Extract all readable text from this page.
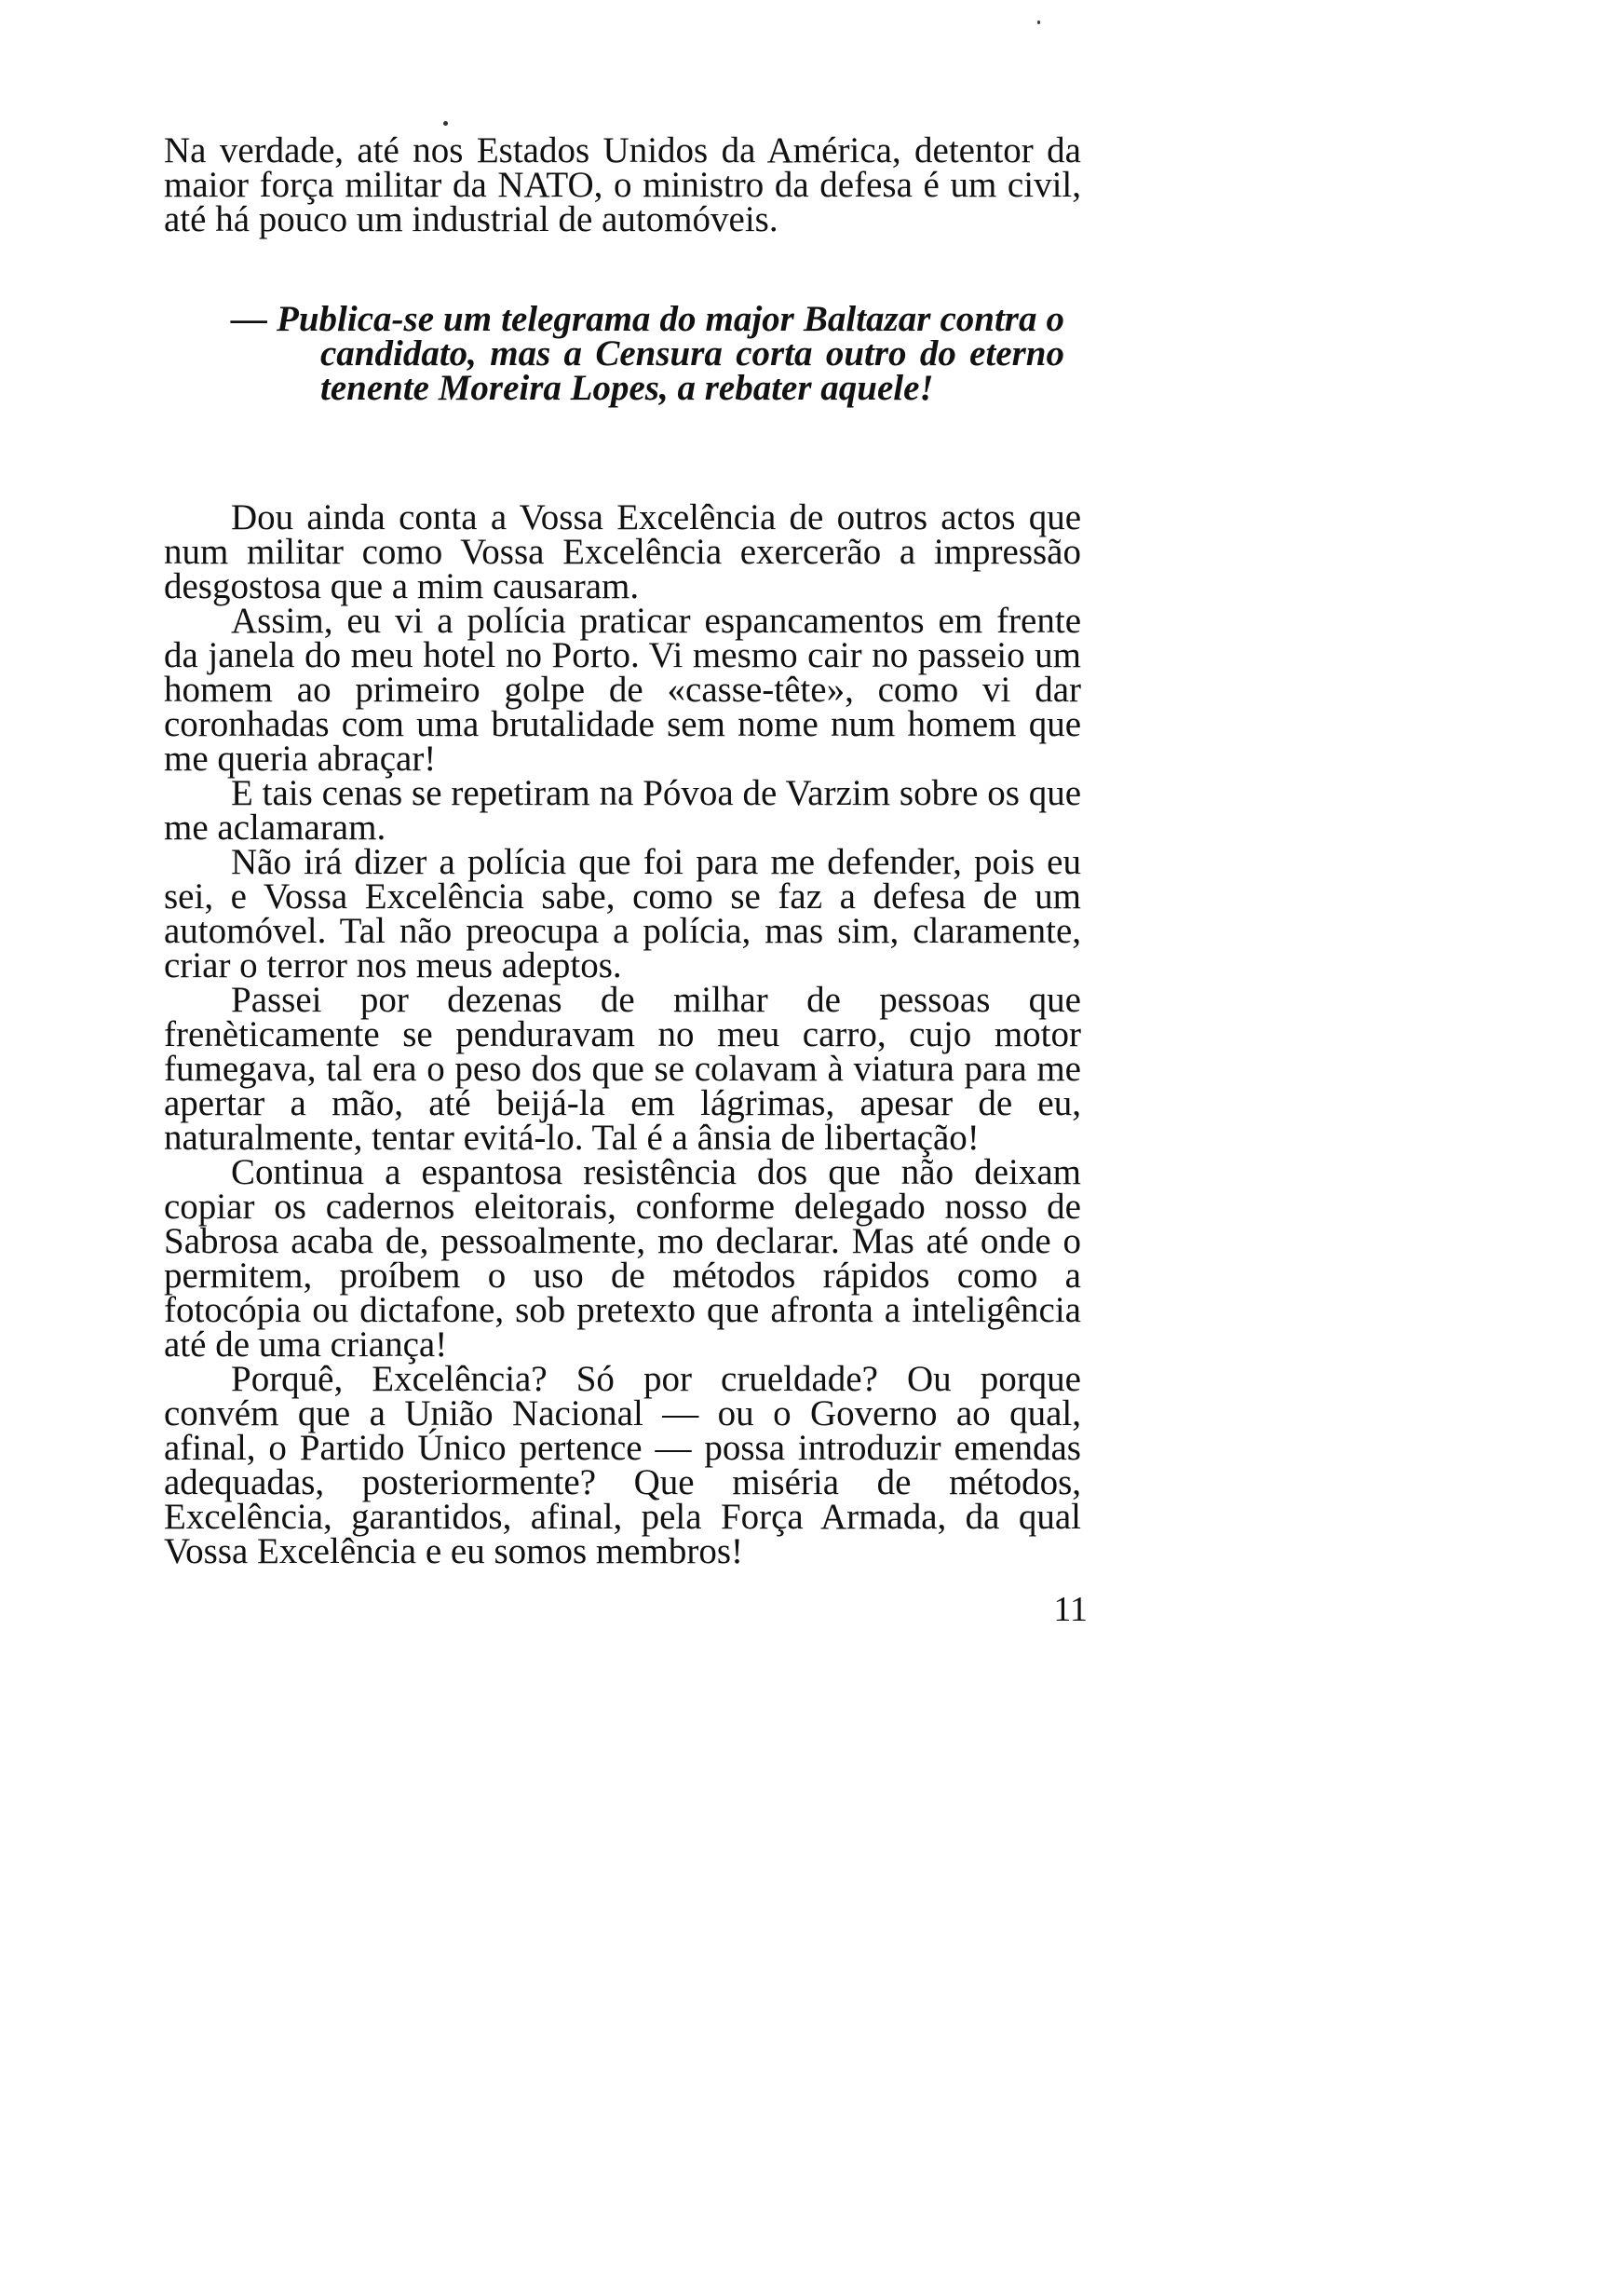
Na verdade, até nos Estados Unidos da América, detentor da maior força militar da NATO, o ministro da defesa é um civil, até há pouco um industrial de automóveis.

— Publica-se um telegrama do major Baltazar contra o candidato, mas a Censura corta outro do eterno tenente Moreira Lopes, a rebater aquele!

Dou ainda conta a Vossa Excelência de outros actos que num militar como Vossa Excelência exercerão a impressão desgostosa que a mim causaram.

Assim, eu vi a polícia praticar espancamentos em frente da janela do meu hotel no Porto. Vi mesmo cair no passeio um homem ao primeiro golpe de «casse-tête», como vi dar coronhadas com uma brutalidade sem nome num homem que me queria abraçar!

E tais cenas se repetiram na Póvoa de Varzim sobre os que me aclamaram.

Não irá dizer a polícia que foi para me defender, pois eu sei, e Vossa Excelência sabe, como se faz a defesa de um automóvel. Tal não preocupa a polícia, mas sim, claramente, criar o terror nos meus adeptos.

Passei por dezenas de milhar de pessoas que frenèticamente se penduravam no meu carro, cujo motor fumegava, tal era o peso dos que se colavam à viatura para me apertar a mão, até beijá-la em lágrimas, apesar de eu, naturalmente, tentar evitá-lo. Tal é a ânsia de libertação!

Continua a espantosa resistência dos que não deixam copiar os cadernos eleitorais, conforme delegado nosso de Sabrosa acaba de, pessoalmente, mo declarar. Mas até onde o permitem, proíbem o uso de métodos rápidos como a fotocópia ou dictafone, sob pretexto que afronta a inteligência até de uma criança!

Porquê, Excelência? Só por crueldade? Ou porque convém que a União Nacional — ou o Governo ao qual, afinal, o Partido Único pertence — possa introduzir emendas adequadas, posteriormente? Que miséria de métodos, Excelência, garantidos, afinal, pela Força Armada, da qual Vossa Excelência e eu somos membros!

11
